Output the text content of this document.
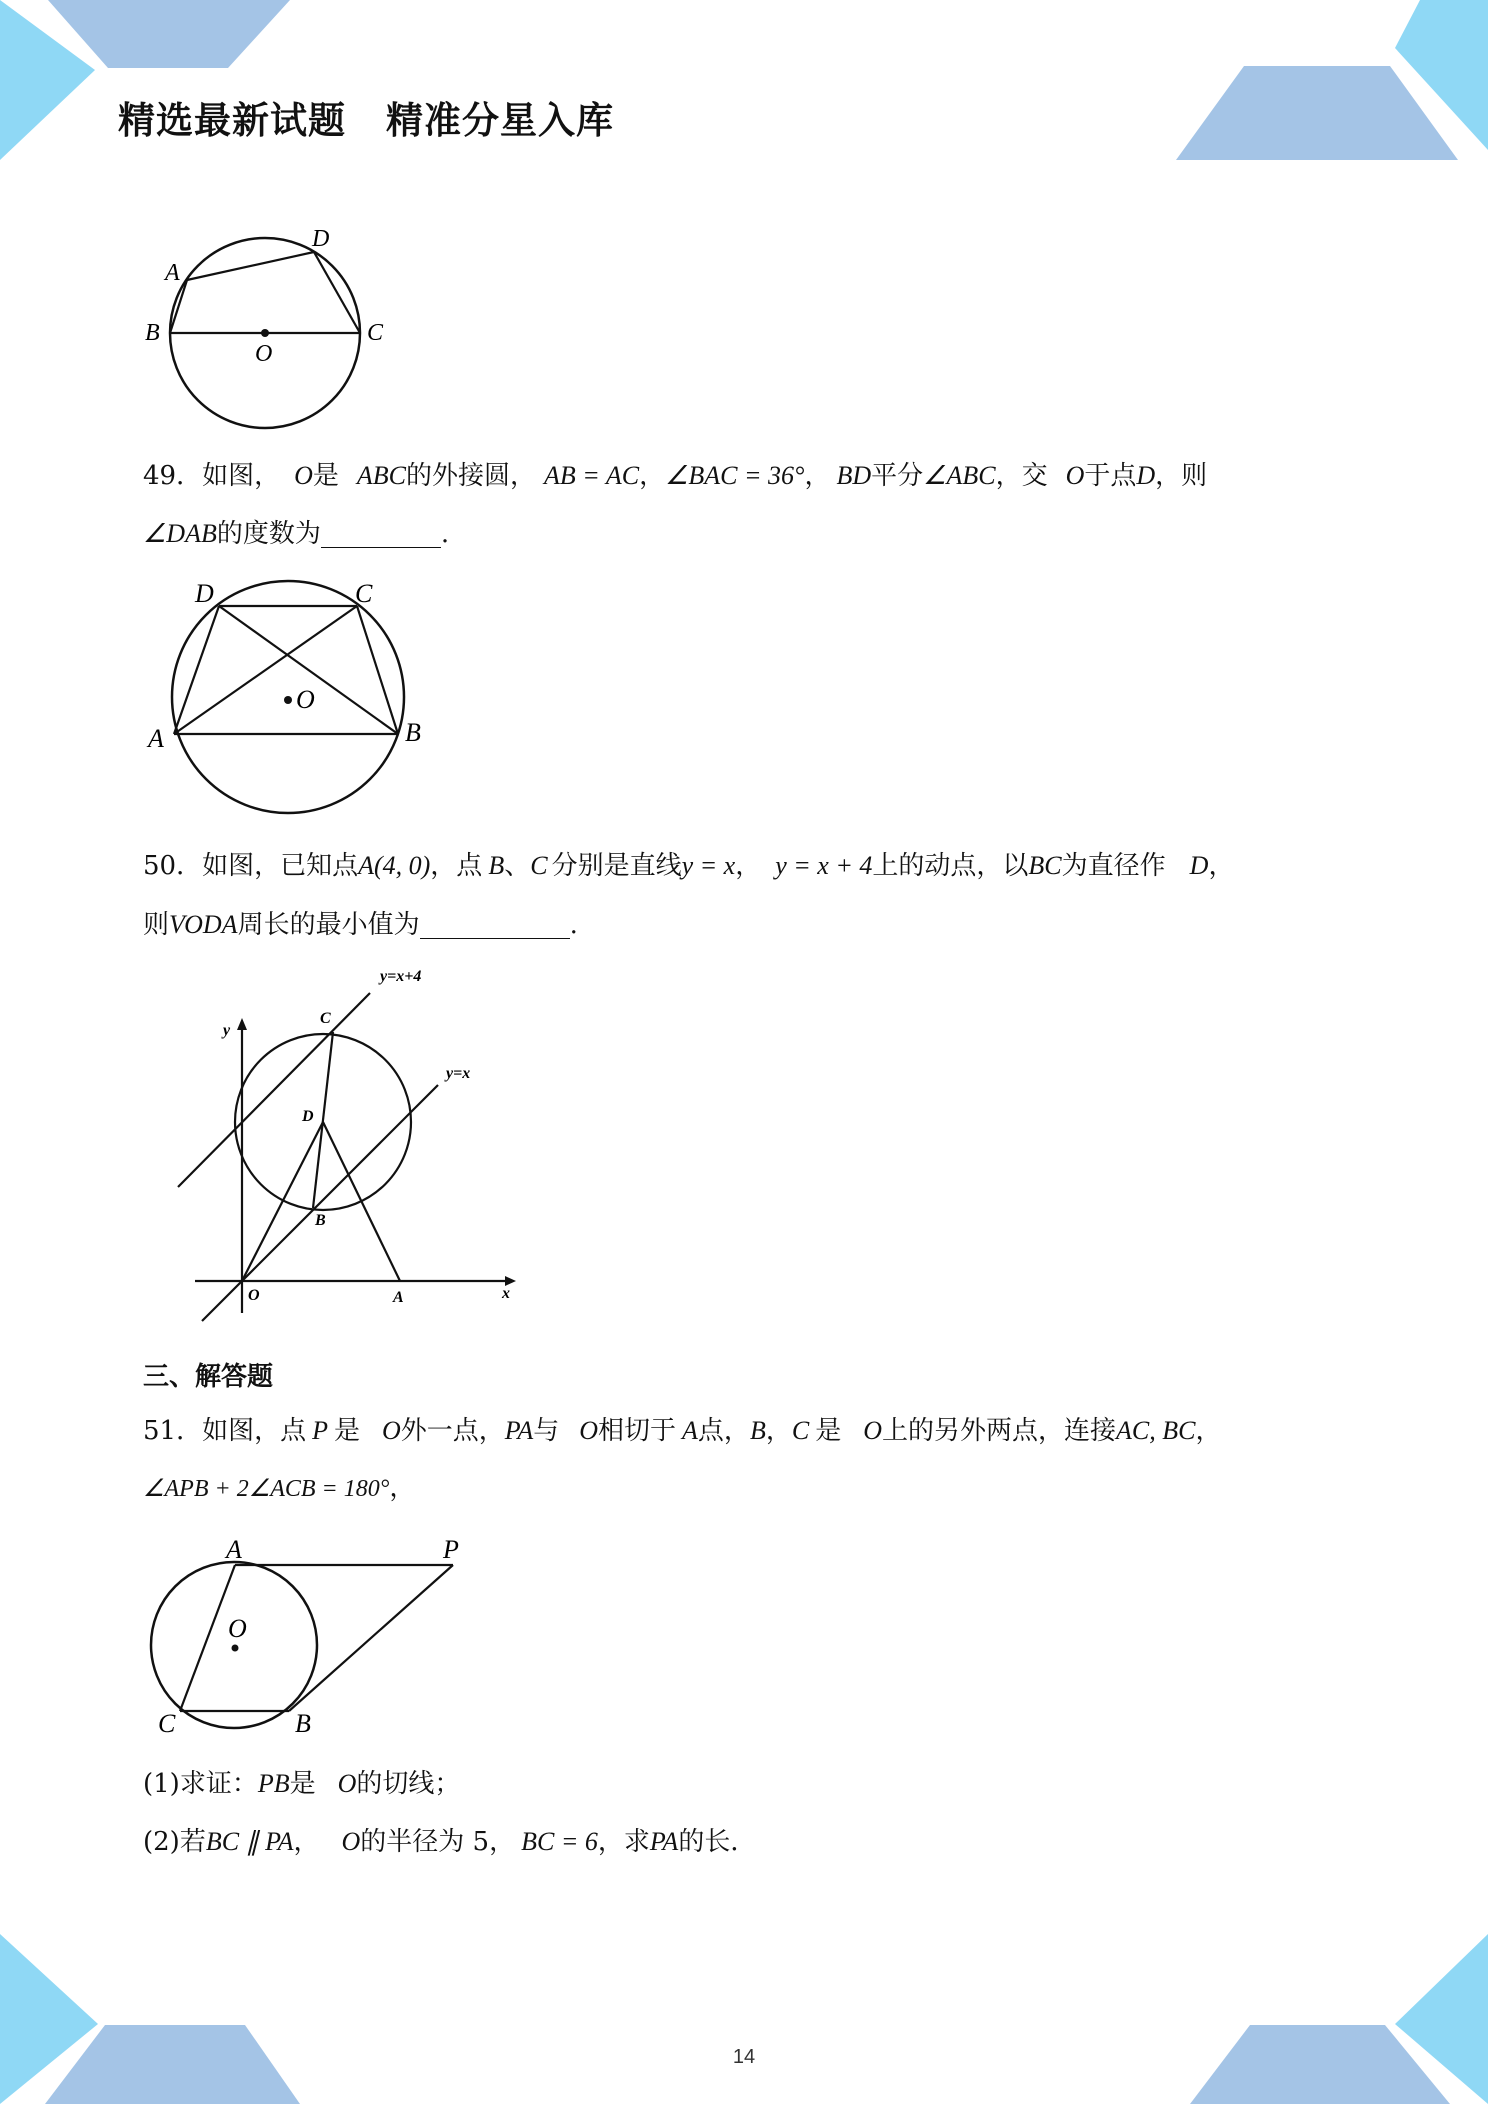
精选最新试题 精准分星入库
A
D
B
O
C
49．如图， O是 ABC的外接圆， AB = AC，∠BAC = 36°， BD平分∠ABC，交 O于点D，则
∠DAB的度数为	.
D	C
O
A	B
50．如图，已知点A(4, 0)，点 B、C 分别是直线y = x， y = x + 4上的动点，以BC为直径作 D，
则VODA周长的最小值为	.
y=x+4
y
C
y=x
D
B
O	A	x
三、解答题
51．如图，点 P 是 O外一点，PA与 O相切于 A点，B，C 是 O上的另外两点，连接AC, BC，
∠APB + 2∠ACB = 180°，
A	P
O
C	B
(1)求证：PB是 O的切线；
(2)若BC ∥ PA， O的半径为 5， BC = 6，求PA的长．
14
